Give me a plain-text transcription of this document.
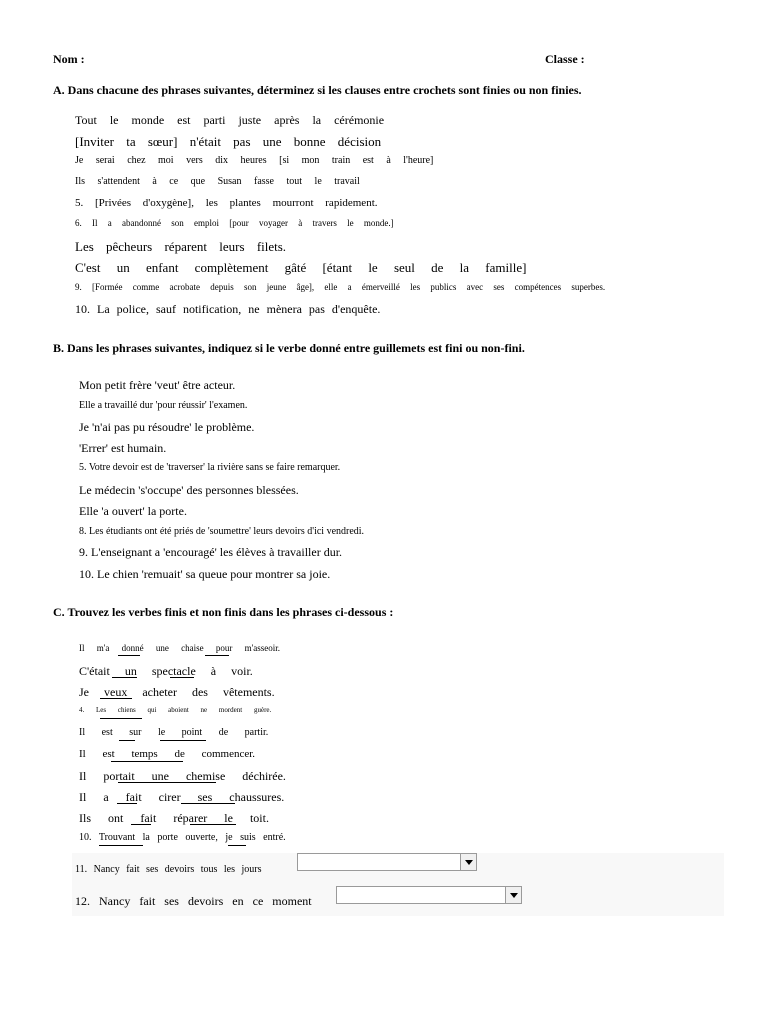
Nom :	Classe :
A. Dans chacune des phrases suivantes, déterminez si les clauses entre crochets sont finies ou non finies.
Tout le monde est parti juste après la cérémonie
[Inviter ta sœur] n'était pas une bonne décision
Je serai chez moi vers dix heures [si mon train est à l'heure]
Ils s'attendent à ce que Susan fasse tout le travail
5. [Privées d'oxygène], les plantes mourront rapidement.
6. Il a abandonné son emploi [pour voyager à travers le monde.]
Les pêcheurs réparent leurs filets.
C'est un enfant complètement gâté [étant le seul de la famille]
9. [Formée comme acrobate depuis son jeune âge], elle a émerveillé les publics avec ses compétences superbes.
10. La police, sauf notification, ne mènera pas d'enquête.
B. Dans les phrases suivantes, indiquez si le verbe donné entre guillemets est fini ou non-fini.
Mon petit frère 'veut' être acteur.
Elle a travaillé dur 'pour réussir' l'examen.
Je 'n'ai pas pu résoudre' le problème.
'Errer' est humain.
5. Votre devoir est de 'traverser' la rivière sans se faire remarquer.
Le médecin 's'occupe' des personnes blessées.
Elle 'a ouvert' la porte.
8. Les étudiants ont été priés de 'soumettre' leurs devoirs d'ici vendredi.
9. L'enseignant a 'encouragé' les élèves à travailler dur.
10. Le chien 'remuait' sa queue pour montrer sa joie.
C. Trouvez les verbes finis et non finis dans les phrases ci-dessous :
Il m'a donné une chaise pour m'asseoir.
C'était un spectacle à voir.
Je veux acheter des vêtements.
4. Les chiens qui aboient ne mordent guère.
Il est sur le point de partir.
Il est temps de commencer.
Il portait une chemise déchirée.
Il a fait cirer ses chaussures.
Ils ont fait réparer le toit.
10. Trouvant la porte ouverte, je suis entré.
11. Nancy fait ses devoirs tous les jours
12. Nancy fait ses devoirs en ce moment
